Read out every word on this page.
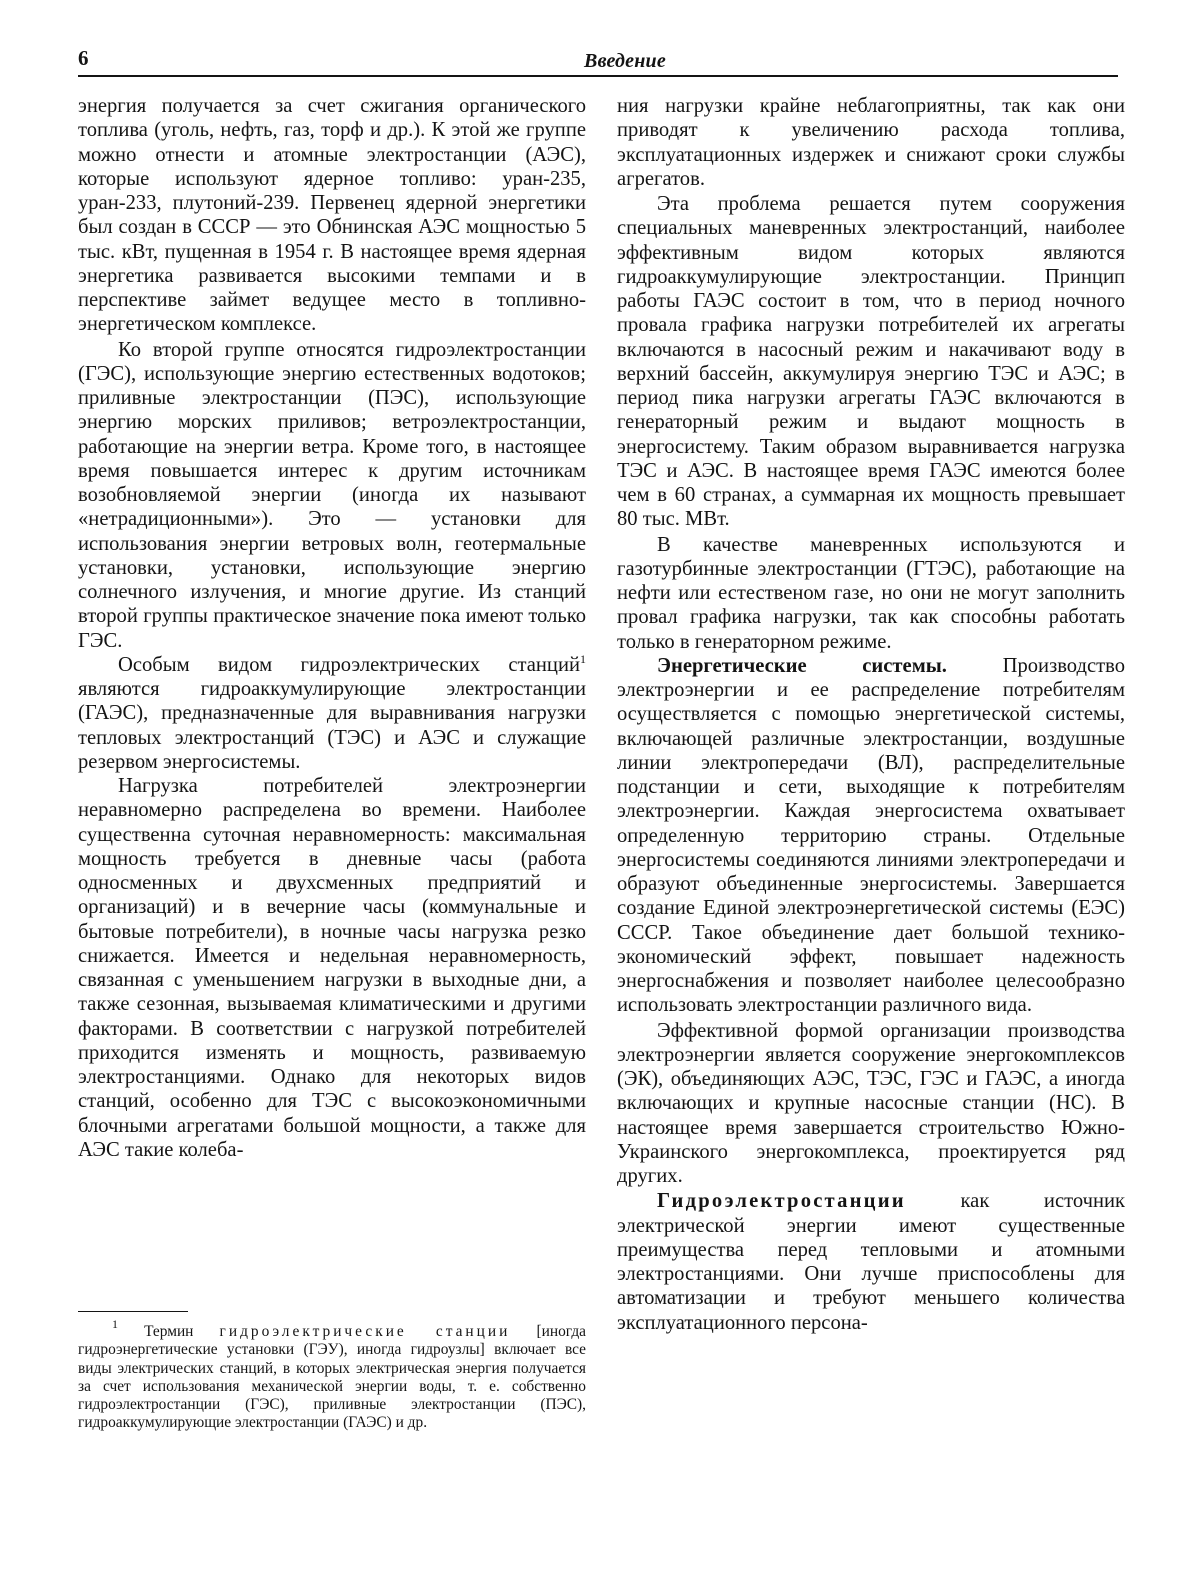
6	Введение

энергия получается за счет сжигания органического топлива (уголь, нефть, газ, торф и др.). К этой же группе можно отнести и атомные электростанции (АЭС), которые используют ядерное топливо: уран-235, уран-233, плутоний-239. Первенец ядерной энергетики был создан в СССР — это Обнинская АЭС мощностью 5 тыс. кВт, пущенная в 1954 г. В настоящее время ядерная энергетика развивается высокими темпами и в перспективе займет ведущее место в топливно-энергетическом комплексе.

Ко второй группе относятся гидроэлектростанции (ГЭС), использующие энергию естественных водотоков; приливные электростанции (ПЭС), использующие энергию морских приливов; ветроэлектростанции, работающие на энергии ветра. Кроме того, в настоящее время повышается интерес к другим источникам возобновляемой энергии (иногда их называют «нетрадиционными»). Это — установки для использования энергии ветровых волн, геотермальные установки, установки, использующие энергию солнечного излучения, и многие другие. Из станций второй группы практическое значение пока имеют только ГЭС.

Особым видом гидроэлектрических станций$^1$ являются гидроаккумулирующие электростанции (ГАЭС), предназначенные для выравнивания нагрузки тепловых электростанций (ТЭС) и АЭС и служащие резервом энергосистемы.

Нагрузка потребителей электроэнергии неравномерно распределена во времени. Наиболее существенна суточная неравномерность: максимальная мощность требуется в дневные часы (работа односменных и двухсменных предприятий и организаций) и в вечерние часы (коммунальные и бытовые потребители), в ночные часы нагрузка резко снижается. Имеется и недельная неравномерность, связанная с уменьшением нагрузки в выходные дни, а также сезонная, вызываемая климатическими и другими факторами. В соответствии с нагрузкой потребителей приходится изменять и мощность, развиваемую электростанциями. Однако для некоторых видов станций, особенно для ТЭС с высокоэкономичными блочными агрегатами большой мощности, а также для АЭС такие колеба-

$^1$ Термин гидроэлектрические станции [иногда гидроэнергетические установки (ГЭУ), иногда гидроузлы] включает все виды электрических станций, в которых электрическая энергия получается за счет использования механической энергии воды, т. е. собственно гидроэлектростанции (ГЭС), приливные электростанции (ПЭС), гидроаккумулирующие электростанции (ГАЭС) и др.

ния нагрузки крайне неблагоприятны, так как они приводят к увеличению расхода топлива, эксплуатационных издержек и снижают сроки службы агрегатов.

Эта проблема решается путем сооружения специальных маневренных электростанций, наиболее эффективным видом которых являются гидроаккумулирующие электростанции. Принцип работы ГАЭС состоит в том, что в период ночного провала графика нагрузки потребителей их агрегаты включаются в насосный режим и накачивают воду в верхний бассейн, аккумулируя энергию ТЭС и АЭС; в период пика нагрузки агрегаты ГАЭС включаются в генераторный режим и выдают мощность в энергосистему. Таким образом выравнивается нагрузка ТЭС и АЭС. В настоящее время ГАЭС имеются более чем в 60 странах, а суммарная их мощность превышает 80 тыс. МВт.

В качестве маневренных используются и газотурбинные электростанции (ГТЭС), работающие на нефти или естественом газе, но они не могут заполнить провал графика нагрузки, так как способны работать только в генераторном режиме.

Энергетические системы. Производство электроэнергии и ее распределение потребителям осуществляется с помощью энергетической системы, включающей различные электростанции, воздушные линии электропередачи (ВЛ), распределительные подстанции и сети, выходящие к потребителям электроэнергии. Каждая энергосистема охватывает определенную территорию страны. Отдельные энергосистемы соединяются линиями электропередачи и образуют объединенные энергосистемы. Завершается создание Единой электроэнергетической системы (ЕЭС) СССР. Такое объединение дает большой технико-экономический эффект, повышает надежность энергоснабжения и позволяет наиболее целесообразно использовать электростанции различного вида.

Эффективной формой организации производства электроэнергии является сооружение энергокомплексов (ЭК), объединяющих АЭС, ТЭС, ГЭС и ГАЭС, а иногда включающих и крупные насосные станции (НС). В настоящее время завершается строительство Южно-Украинского энергокомплекса, проектируется ряд других.

Гидроэлектростанции как источник электрической энергии имеют существенные преимущества перед тепловыми и атомными электростанциями. Они лучше приспособлены для автоматизации и требуют меньшего количества эксплуатационного персона-
